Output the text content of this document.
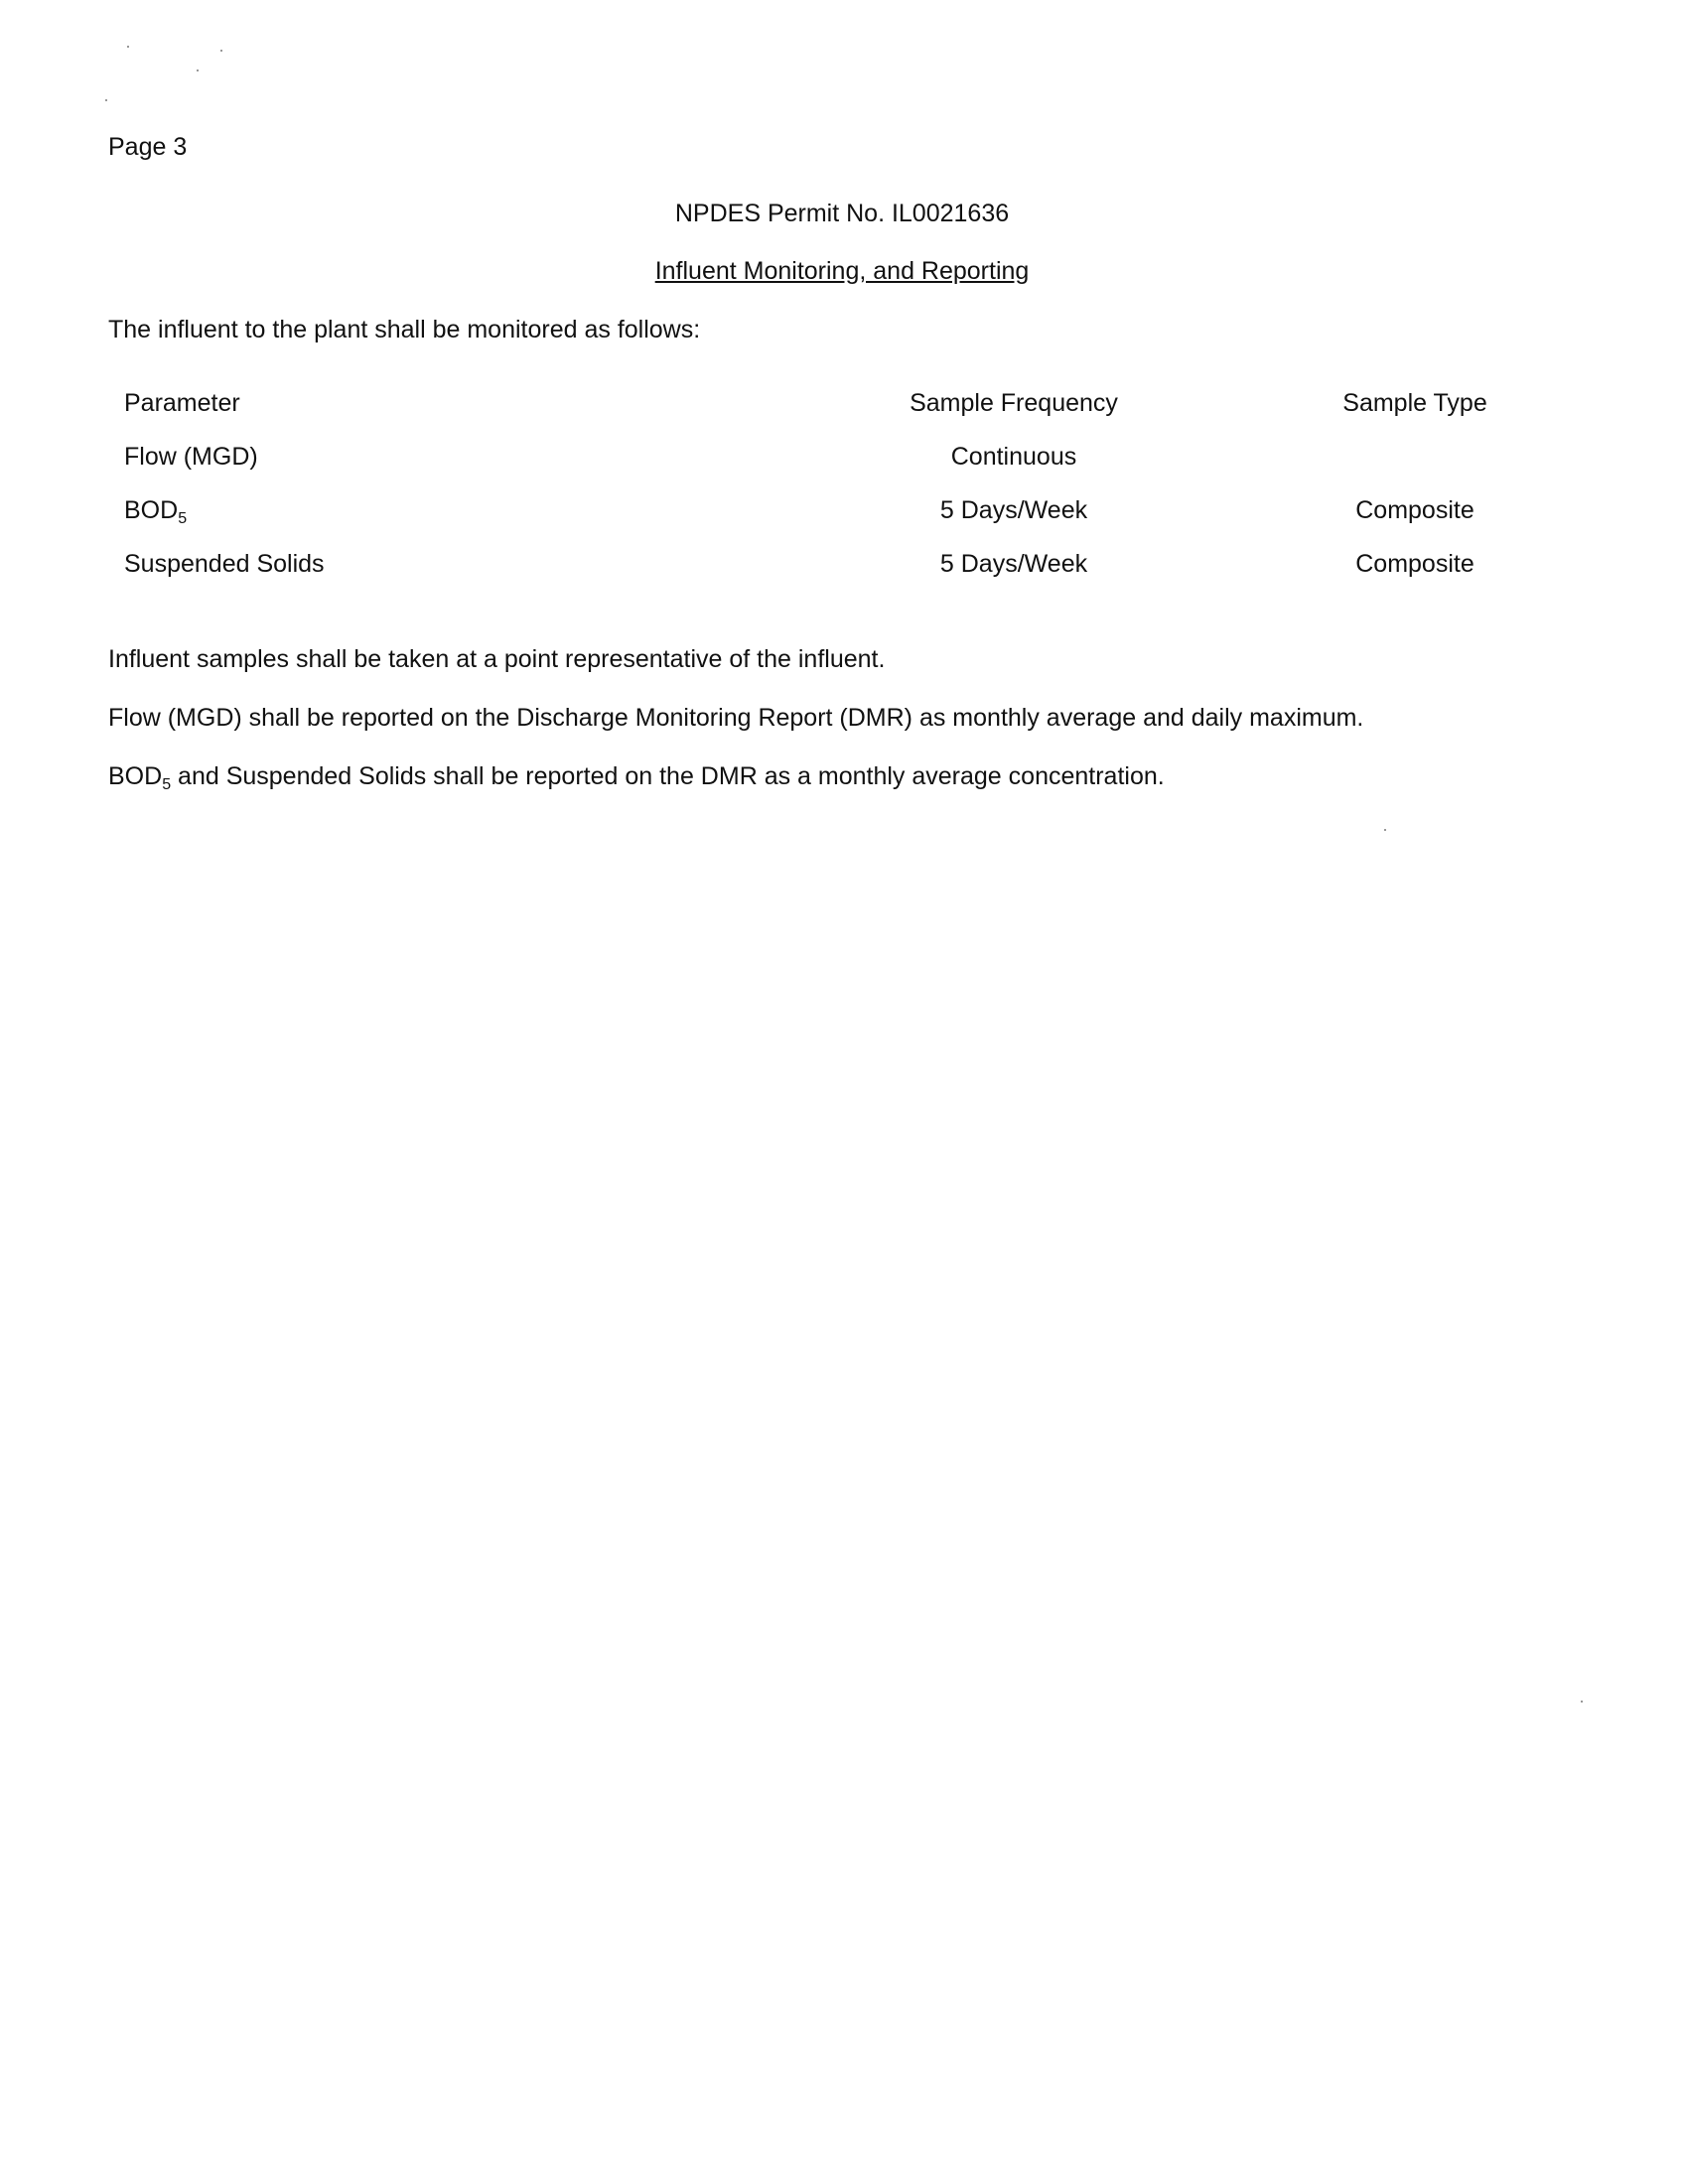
Page 3
NPDES Permit No. IL0021636
Influent Monitoring, and Reporting
The influent to the plant shall be monitored as follows:
Parameter	Sample Frequency	Sample Type
Flow (MGD)	Continuous
$BOD_5$	5 Days/Week	Composite
Suspended Solids	5 Days/Week	Composite
Influent samples shall be taken at a point representative of the influent.
Flow (MGD) shall be reported on the Discharge Monitoring Report (DMR) as monthly average and daily maximum.
$BOD_5$ and Suspended Solids shall be reported on the DMR as a monthly average concentration.
